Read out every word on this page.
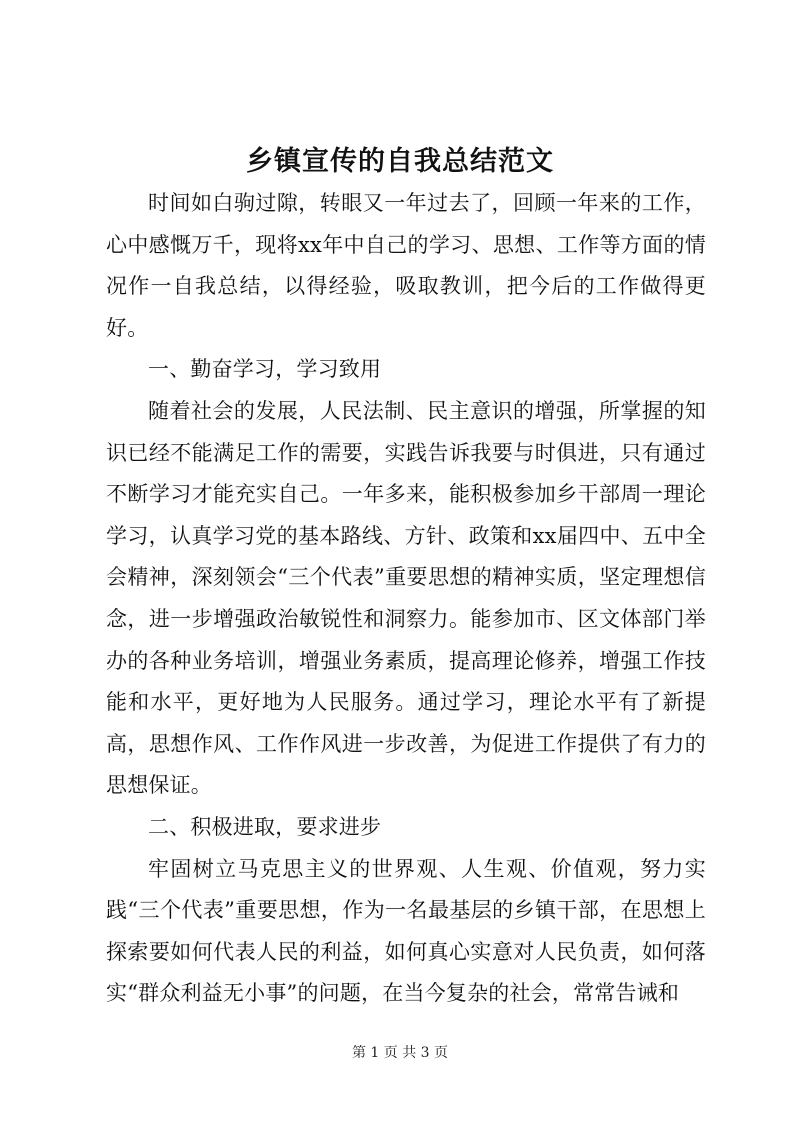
乡镇宣传的自我总结范文

时间如白驹过隙，转眼又一年过去了，回顾一年来的工作，心中感慨万千，现将xx年中自己的学习、思想、工作等方面的情况作一自我总结，以得经验，吸取教训，把今后的工作做得更好。

一、勤奋学习，学习致用

随着社会的发展，人民法制、民主意识的增强，所掌握的知识已经不能满足工作的需要，实践告诉我要与时俱进，只有通过不断学习才能充实自己。一年多来，能积极参加乡干部周一理论学习，认真学习党的基本路线、方针、政策和xx届四中、五中全会精神，深刻领会“三个代表”重要思想的精神实质，坚定理想信念，进一步增强政治敏锐性和洞察力。能参加市、区文体部门举办的各种业务培训，增强业务素质，提高理论修养，增强工作技能和水平，更好地为人民服务。通过学习，理论水平有了新提高，思想作风、工作作风进一步改善，为促进工作提供了有力的思想保证。

二、积极进取，要求进步

牢固树立马克思主义的世界观、人生观、价值观，努力实践“三个代表”重要思想，作为一名最基层的乡镇干部，在思想上探索要如何代表人民的利益，如何真心实意对人民负责，如何落实“群众利益无小事”的问题，在当今复杂的社会，常常告诫和

第 1 页 共 3 页
